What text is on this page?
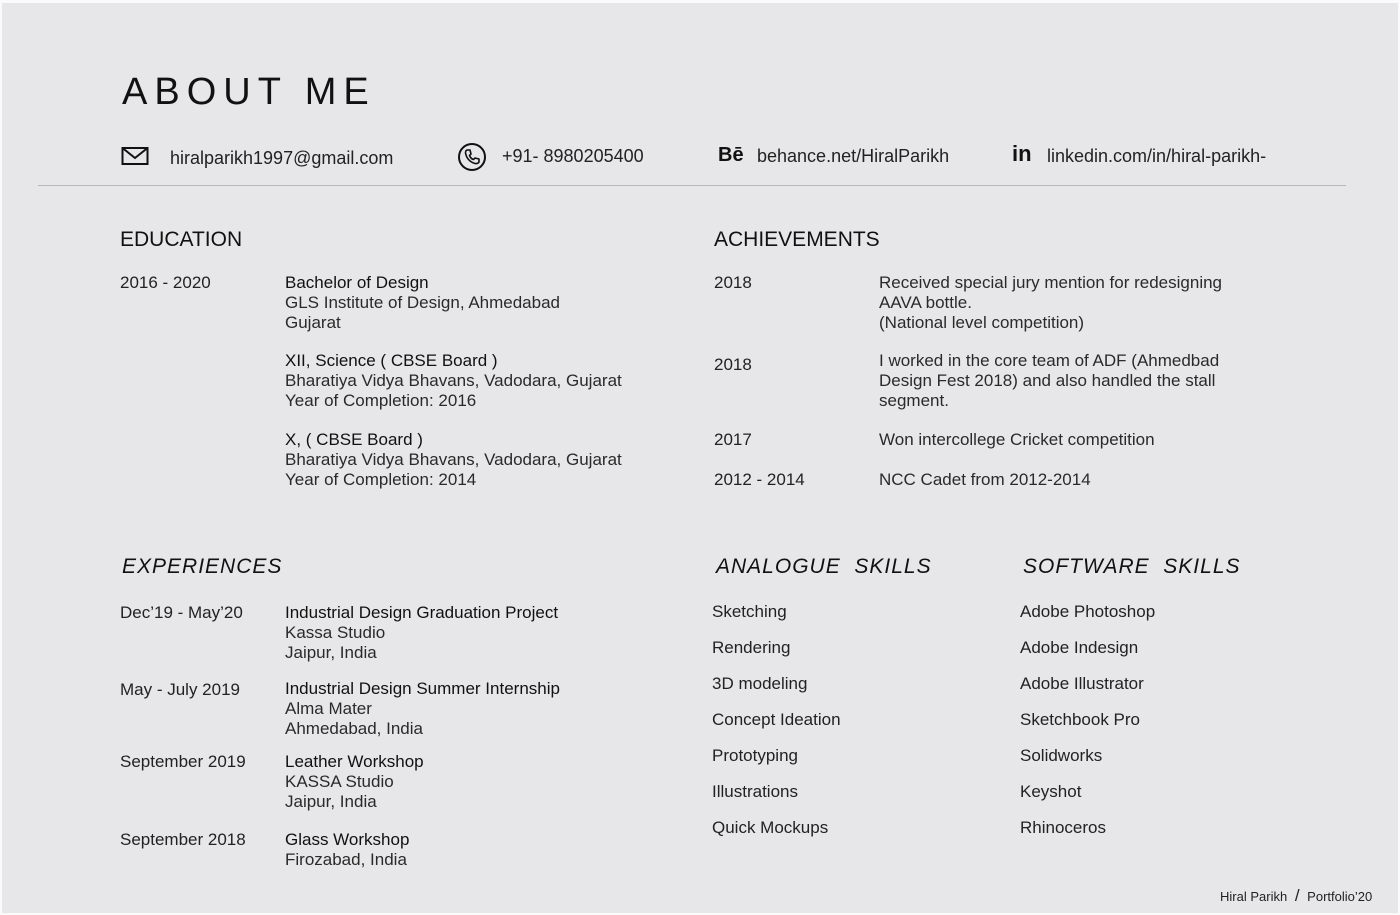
ABOUT ME
hiralparikh1997@gmail.com	+91- 8980205400	Bē behance.net/HiralParikh	in linkedin.com/in/hiral-parikh-
EDUCATION
2016 - 2020	Bachelor of Design
GLS Institute of Design, Ahmedabad
Gujarat
XII, Science ( CBSE Board )
Bharatiya Vidya Bhavans, Vadodara, Gujarat
Year of Completion: 2016
X, ( CBSE Board )
Bharatiya Vidya Bhavans, Vadodara, Gujarat
Year of Completion: 2014
ACHIEVEMENTS
2018	Received special jury mention for redesigning
AAVA bottle.
(National level competition)
2018	I worked in the core team of ADF (Ahmedbad
Design Fest 2018) and also handled the stall
segment.
2017	Won intercollege Cricket competition
2012 - 2014	NCC Cadet from 2012-2014
EXPERIENCES
Dec’19 - May’20 Industrial Design Graduation Project
Kassa Studio
Jaipur, India
May - July 2019	Industrial Design Summer Internship
Alma Mater
Ahmedabad, India
September 2019 Leather Workshop
KASSA Studio
Jaipur, India
September 2018 Glass Workshop
Firozabad, India
ANALOGUE  SKILLS
Sketching
Rendering
3D modeling
Concept Ideation
Prototyping
Illustrations
Quick Mockups
SOFTWARE  SKILLS
Adobe Photoshop
Adobe Indesign
Adobe Illustrator
Sketchbook Pro
Solidworks
Keyshot
Rhinoceros
Hiral Parikh / Portfolio’20
